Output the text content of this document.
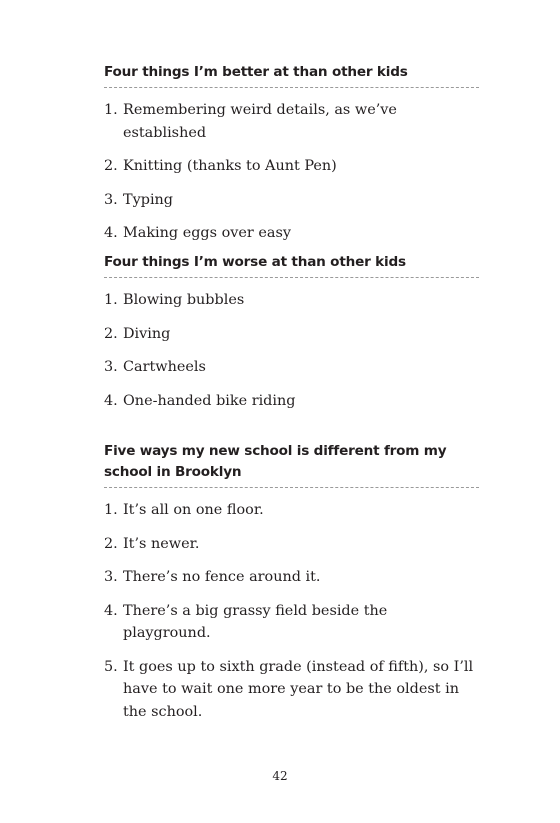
Four things I’m better at than other kids
1. Remembering weird details, as we’ve established
2. Knitting (thanks to Aunt Pen)
3. Typing
4. Making eggs over easy
Four things I’m worse at than other kids
1. Blowing bubbles
2. Diving
3. Cartwheels
4. One-handed bike riding
Five ways my new school is different from my school in Brooklyn
1. It’s all on one floor.
2. It’s newer.
3. There’s no fence around it.
4. There’s a big grassy field beside the playground.
5. It goes up to sixth grade (instead of fifth), so I’ll have to wait one more year to be the oldest in the school.
42
